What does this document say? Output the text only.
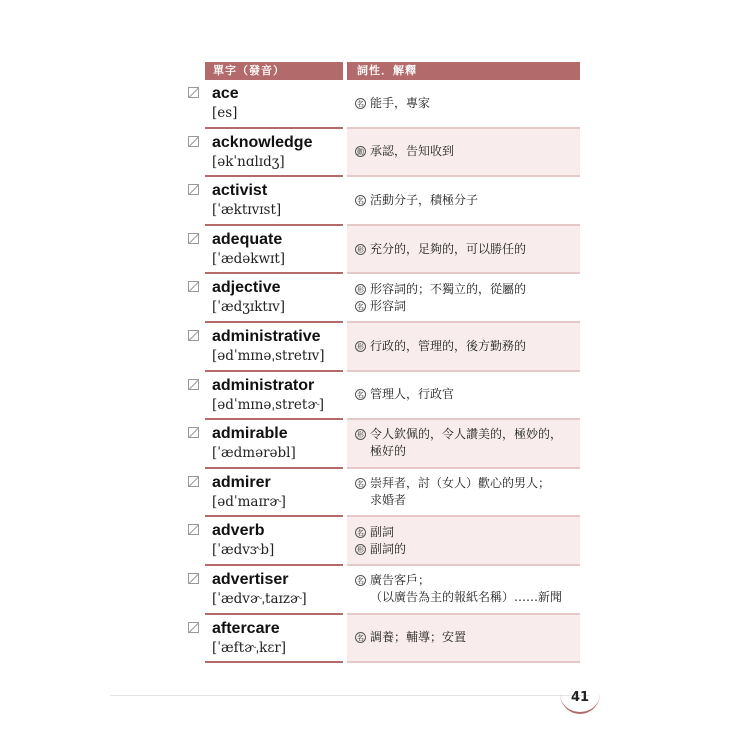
單字（發音）	詞性．解釋
ace
[es]
名 能手，專家
acknowledge
[əkˈnɑlɪdʒ]
動 承認，告知收到
activist
[ˈæktɪvɪst]
名 活動分子，積極分子
adequate
[ˈædəkwɪt]
形 充分的，足夠的，可以勝任的
adjective
[ˈædʒɪktɪv]
形 形容詞的；不獨立的，從屬的
名 形容詞
administrative
[ədˈmɪnəˌstretɪv]
形 行政的，管理的，後方勤務的
administrator
[ədˈmɪnəˌstretɚ]
名 管理人，行政官
admirable
[ˈædmərəbl]
形 令人欽佩的，令人讚美的，極妙的，
極好的
admirer
[ədˈmaɪrɚ]
名 崇拜者，討（女人）歡心的男人；
求婚者
adverb
[ˈædvɝb]
名 副詞
形 副詞的
advertiser
[ˈædvɚˌtaɪzɚ]
名 廣告客戶；
（以廣告為主的報紙名稱）……新聞
aftercare
[ˈæftɚˌkɛr]
名 調養；輔導；安置
41
